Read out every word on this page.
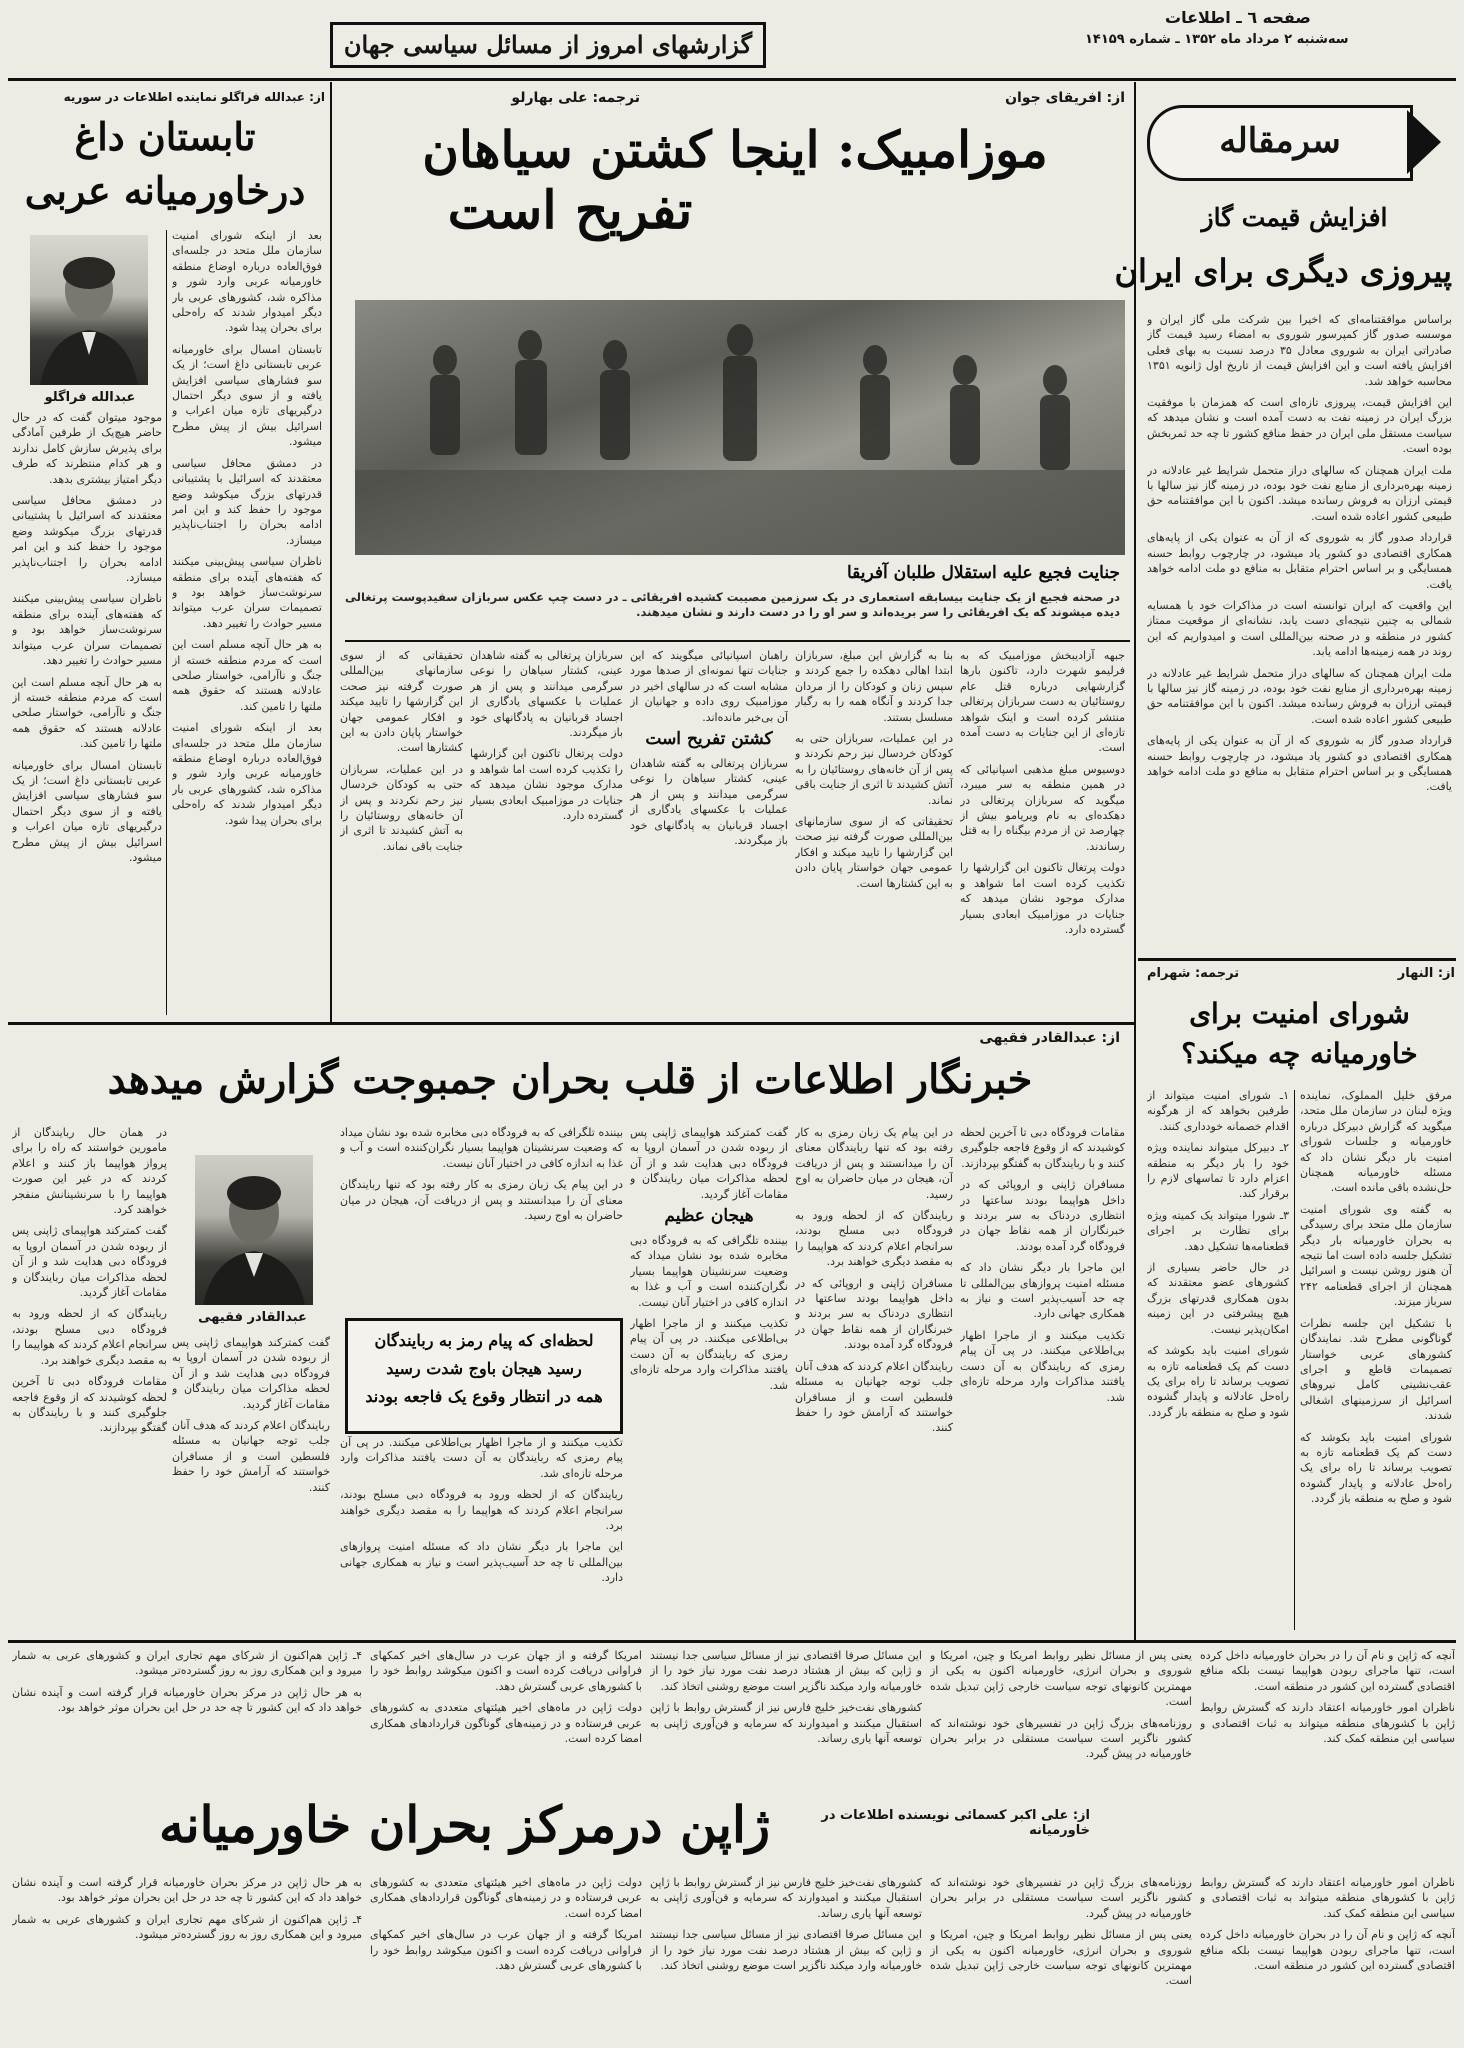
صفحه ٦ ـ اطلاعات
سه‌شنبه ۲ مرداد ماه ۱۳۵۲ ـ شماره ۱۴۱۵۹
گزارشهای امروز از مسائل سیاسی جهان
سرمقاله
افزایش قیمت گاز
پیروزی دیگری برای ایران

براساس موافقتنامه‌ای که اخیرا بین شرکت ملی گاز ایران و موسسه صدور گاز کمپرسور شوروی به امضاء رسید قیمت گاز صادراتی ایران به شوروی معادل ۳۵ درصد نسبت به بهای فعلی افزایش یافته است و این افزایش قیمت از تاریخ اول ژانویه ۱۳۵۱ محاسبه خواهد شد.

این افزایش قیمت، پیروزی تازه‌ای است که همزمان با موفقیت بزرگ ایران در زمینه نفت به دست آمده است و نشان میدهد که سیاست مستقل ملی ایران در حفظ منافع کشور تا چه حد ثمربخش بوده است.

ملت ایران همچنان که سالهای دراز متحمل شرایط غیر عادلانه در زمینه بهره‌برداری از منابع نفت خود بوده، در زمینه گاز نیز سالها با قیمتی ارزان به فروش رسانده میشد. اکنون با این موافقتنامه حق طبیعی کشور اعاده شده است.

قرارداد صدور گاز به شوروی که از آن به عنوان یکی از پایه‌های همکاری اقتصادی دو کشور یاد میشود، در چارچوب روابط حسنه همسایگی و بر اساس احترام متقابل به منافع دو ملت ادامه خواهد یافت.

این واقعیت که ایران توانسته است در مذاکرات خود با همسایه شمالی به چنین نتیجه‌ای دست یابد، نشانه‌ای از موقعیت ممتاز کشور در منطقه و در صحنه بین‌المللی است و امیدواریم که این روند در همه زمینه‌ها ادامه یابد.

ملت ایران همچنان که سالهای دراز متحمل شرایط غیر عادلانه در زمینه بهره‌برداری از منابع نفت خود بوده، در زمینه گاز نیز سالها با قیمتی ارزان به فروش رسانده میشد. اکنون با این موافقتنامه حق طبیعی کشور اعاده شده است.

قرارداد صدور گاز به شوروی که از آن به عنوان یکی از پایه‌های همکاری اقتصادی دو کشور یاد میشود، در چارچوب روابط حسنه همسایگی و بر اساس احترام متقابل به منافع دو ملت ادامه خواهد یافت.

از: النهار
ترجمه: شهرام
شورای امنیت برای
خاورمیانه چه میکند؟

مرفق خلیل المملوک، نماینده ویژه لبنان در سازمان ملل متحد، میگوید که گزارش دبیرکل درباره خاورمیانه و جلسات شورای امنیت بار دیگر نشان داد که مسئله خاورمیانه همچنان حل‌نشده باقی مانده است.

به گفته وی شورای امنیت سازمان ملل متحد برای رسیدگی به بحران خاورمیانه بار دیگر تشکیل جلسه داده است اما نتیجه آن هنوز روشن نیست و اسرائیل همچنان از اجرای قطعنامه ۲۴۲ سرباز میزند.

با تشکیل این جلسه نظرات گوناگونی مطرح شد. نمایندگان کشورهای عربی خواستار تصمیمات قاطع و اجرای عقب‌نشینی کامل نیروهای اسرائیل از سرزمینهای اشغالی شدند.

شورای امنیت باید بکوشد که دست کم یک قطعنامه تازه به تصویب برساند تا راه برای یک راه‌حل عادلانه و پایدار گشوده شود و صلح به منطقه باز گردد.

۱ـ شورای امنیت میتواند از طرفین بخواهد که از هرگونه اقدام خصمانه خودداری کنند.

۲ـ دبیرکل میتواند نماینده ویژه خود را بار دیگر به منطقه اعزام دارد تا تماسهای لازم را برقرار کند.

۳ـ شورا میتواند یک کمیته ویژه برای نظارت بر اجرای قطعنامه‌ها تشکیل دهد.

در حال حاضر بسیاری از کشورهای عضو معتقدند که بدون همکاری قدرتهای بزرگ هیچ پیشرفتی در این زمینه امکان‌پذیر نیست.

شورای امنیت باید بکوشد که دست کم یک قطعنامه تازه به تصویب برساند تا راه برای یک راه‌حل عادلانه و پایدار گشوده شود و صلح به منطقه باز گردد.

از: افریقای جوان
ترجمه: علی بهارلو
موزامبیک: اینجا کشتن سیاهان
تفریح است
جنایت فجیع علیه استقلال طلبان آفریقا
در صحنه فجیع از یک جنایت بیسابقه استعماری در یک سرزمین مصیبت کشیده افریقائی ـ در دست چپ عکس سربازان سفیدپوست پرتغالی دیده میشوند که یک افریقائی را سر بریده‌اند و سر او را در دست دارند و نشان میدهند.

جبهه آزادیبخش موزامبیک که به فرلیمو شهرت دارد، تاکنون بارها گزارشهایی درباره قتل عام روستائیان به دست سربازان پرتغالی منتشر کرده است و اینک شواهد تازه‌ای از این جنایات به دست آمده است.

دوسیوس مبلغ مذهبی اسپانیائی که در همین منطقه به سر میبرد، میگوید که سربازان پرتغالی در دهکده‌ای به نام ویریامو بیش از چهارصد تن از مردم بیگناه را به قتل رساندند.

دولت پرتغال تاکنون این گزارشها را تکذیب کرده است اما شواهد و مدارک موجود نشان میدهد که جنایات در موزامبیک ابعادی بسیار گسترده دارد.

بنا به گزارش این مبلغ، سربازان ابتدا اهالی دهکده را جمع کردند و سپس زنان و کودکان را از مردان جدا کردند و آنگاه همه را به رگبار مسلسل بستند.

در این عملیات، سربازان حتی به کودکان خردسال نیز رحم نکردند و پس از آن خانه‌های روستائیان را به آتش کشیدند تا اثری از جنایت باقی نماند.

تحقیقاتی که از سوی سازمانهای بین‌المللی صورت گرفته نیز صحت این گزارشها را تایید میکند و افکار عمومی جهان خواستار پایان دادن به این کشتارها است.

راهبان اسپانیائی میگویند که این جنایات تنها نمونه‌ای از صدها مورد مشابه است که در سالهای اخیر در موزامبیک روی داده و جهانیان از آن بی‌خبر مانده‌اند.

کشتن تفریح است

سربازان پرتغالی به گفته شاهدان عینی، کشتار سیاهان را نوعی سرگرمی میدانند و پس از هر عملیات با عکسهای یادگاری از اجساد قربانیان به پادگانهای خود باز میگردند.

سربازان پرتغالی به گفته شاهدان عینی، کشتار سیاهان را نوعی سرگرمی میدانند و پس از هر عملیات با عکسهای یادگاری از اجساد قربانیان به پادگانهای خود باز میگردند.

دولت پرتغال تاکنون این گزارشها را تکذیب کرده است اما شواهد و مدارک موجود نشان میدهد که جنایات در موزامبیک ابعادی بسیار گسترده دارد.

تحقیقاتی که از سوی سازمانهای بین‌المللی صورت گرفته نیز صحت این گزارشها را تایید میکند و افکار عمومی جهان خواستار پایان دادن به این کشتارها است.

در این عملیات، سربازان حتی به کودکان خردسال نیز رحم نکردند و پس از آن خانه‌های روستائیان را به آتش کشیدند تا اثری از جنایت باقی نماند.

از: عبدالله فراگلو نماینده اطلاعات در سوریه
تابستان داغ
درخاورمیانه عربی

بعد از اینکه شورای امنیت سازمان ملل متحد در جلسه‌ای فوق‌العاده درباره اوضاع منطقه خاورمیانه عربی وارد شور و مذاکره شد، کشورهای عربی بار دیگر امیدوار شدند که راه‌حلی برای بحران پیدا شود.

تابستان امسال برای خاورمیانه عربی تابستانی داغ است؛ از یک سو فشارهای سیاسی افزایش یافته و از سوی دیگر احتمال درگیریهای تازه میان اعراب و اسرائیل بیش از پیش مطرح میشود.

در دمشق محافل سیاسی معتقدند که اسرائیل با پشتیبانی قدرتهای بزرگ میکوشد وضع موجود را حفظ کند و این امر ادامه بحران را اجتناب‌ناپذیر میسازد.

ناظران سیاسی پیش‌بینی میکنند که هفته‌های آینده برای منطقه سرنوشت‌ساز خواهد بود و تصمیمات سران عرب میتواند مسیر حوادث را تغییر دهد.

به هر حال آنچه مسلم است این است که مردم منطقه خسته از جنگ و ناآرامی، خواستار صلحی عادلانه هستند که حقوق همه ملتها را تامین کند.

بعد از اینکه شورای امنیت سازمان ملل متحد در جلسه‌ای فوق‌العاده درباره اوضاع منطقه خاورمیانه عربی وارد شور و مذاکره شد، کشورهای عربی بار دیگر امیدوار شدند که راه‌حلی برای بحران پیدا شود.

عبدالله فراگلو

موجود میتوان گفت که در حال حاضر هیچ‌یک از طرفین آمادگی برای پذیرش سازش کامل ندارند و هر کدام منتظرند که طرف دیگر امتیاز بیشتری بدهد.

در دمشق محافل سیاسی معتقدند که اسرائیل با پشتیبانی قدرتهای بزرگ میکوشد وضع موجود را حفظ کند و این امر ادامه بحران را اجتناب‌ناپذیر میسازد.

ناظران سیاسی پیش‌بینی میکنند که هفته‌های آینده برای منطقه سرنوشت‌ساز خواهد بود و تصمیمات سران عرب میتواند مسیر حوادث را تغییر دهد.

به هر حال آنچه مسلم است این است که مردم منطقه خسته از جنگ و ناآرامی، خواستار صلحی عادلانه هستند که حقوق همه ملتها را تامین کند.

تابستان امسال برای خاورمیانه عربی تابستانی داغ است؛ از یک سو فشارهای سیاسی افزایش یافته و از سوی دیگر احتمال درگیریهای تازه میان اعراب و اسرائیل بیش از پیش مطرح میشود.

از: عبدالقادر فقیهی
خبرنگار اطلاعات از قلب بحران جمبوجت گزارش میدهد

مقامات فرودگاه دبی تا آخرین لحظه کوشیدند که از وقوع فاجعه جلوگیری کنند و با ربایندگان به گفتگو بپردازند.

مسافران ژاپنی و اروپائی که در داخل هواپیما بودند ساعتها در انتظاری دردناک به سر بردند و خبرنگاران از همه نقاط جهان در فرودگاه گرد آمده بودند.

این ماجرا بار دیگر نشان داد که مسئله امنیت پروازهای بین‌المللی تا چه حد آسیب‌پذیر است و نیاز به همکاری جهانی دارد.

تکذیب میکنند و از ماجرا اظهار بی‌اطلاعی میکنند. در پی آن پیام رمزی که ربایندگان به آن دست یافتند مذاکرات وارد مرحله تازه‌ای شد.

در این پیام یک زبان رمزی به کار رفته بود که تنها ربایندگان معنای آن را میدانستند و پس از دریافت آن، هیجان در میان حاضران به اوج رسید.

ربایندگان که از لحظه ورود به فرودگاه دبی مسلح بودند، سرانجام اعلام کردند که هواپیما را به مقصد دیگری خواهند برد.

مسافران ژاپنی و اروپائی که در داخل هواپیما بودند ساعتها در انتظاری دردناک به سر بردند و خبرنگاران از همه نقاط جهان در فرودگاه گرد آمده بودند.

ربایندگان اعلام کردند که هدف آنان جلب توجه جهانیان به مسئله فلسطین است و از مسافران خواستند که آرامش خود را حفظ کنند.

گفت کمترکند هواپیمای ژاپنی پس از ربوده شدن در آسمان اروپا به فرودگاه دبی هدایت شد و از آن لحظه مذاکرات میان ربایندگان و مقامات آغاز گردید.

هیجان عظیم

بیننده تلگرافی که به فرودگاه دبی مخابره شده بود نشان میداد که وضعیت سرنشینان هواپیما بسیار نگران‌کننده است و آب و غذا به اندازه کافی در اختیار آنان نیست.

تکذیب میکنند و از ماجرا اظهار بی‌اطلاعی میکنند. در پی آن پیام رمزی که ربایندگان به آن دست یافتند مذاکرات وارد مرحله تازه‌ای شد.

بیننده تلگرافی که به فرودگاه دبی مخابره شده بود نشان میداد که وضعیت سرنشینان هواپیما بسیار نگران‌کننده است و آب و غذا به اندازه کافی در اختیار آنان نیست.

در این پیام یک زبان رمزی به کار رفته بود که تنها ربایندگان معنای آن را میدانستند و پس از دریافت آن، هیجان در میان حاضران به اوج رسید.

لحظه‌ای که پیام رمز به ربایندگان
رسید هیجان باوج شدت رسید
همه در انتظار وقوع یک فاجعه بودند

تکذیب میکنند و از ماجرا اظهار بی‌اطلاعی میکنند. در پی آن پیام رمزی که ربایندگان به آن دست یافتند مذاکرات وارد مرحله تازه‌ای شد.

ربایندگان که از لحظه ورود به فرودگاه دبی مسلح بودند، سرانجام اعلام کردند که هواپیما را به مقصد دیگری خواهند برد.

این ماجرا بار دیگر نشان داد که مسئله امنیت پروازهای بین‌المللی تا چه حد آسیب‌پذیر است و نیاز به همکاری جهانی دارد.

عبدالقادر فقیهی

گفت کمترکند هواپیمای ژاپنی پس از ربوده شدن در آسمان اروپا به فرودگاه دبی هدایت شد و از آن لحظه مذاکرات میان ربایندگان و مقامات آغاز گردید.

ربایندگان اعلام کردند که هدف آنان جلب توجه جهانیان به مسئله فلسطین است و از مسافران خواستند که آرامش خود را حفظ کنند.

در همان حال ربایندگان از مامورین خواستند که راه را برای پرواز هواپیما باز کنند و اعلام کردند که در غیر این صورت هواپیما را با سرنشینانش منفجر خواهند کرد.

گفت کمترکند هواپیمای ژاپنی پس از ربوده شدن در آسمان اروپا به فرودگاه دبی هدایت شد و از آن لحظه مذاکرات میان ربایندگان و مقامات آغاز گردید.

ربایندگان که از لحظه ورود به فرودگاه دبی مسلح بودند، سرانجام اعلام کردند که هواپیما را به مقصد دیگری خواهند برد.

مقامات فرودگاه دبی تا آخرین لحظه کوشیدند که از وقوع فاجعه جلوگیری کنند و با ربایندگان به گفتگو بپردازند.

آنچه که ژاپن و نام آن را در بحران خاورمیانه داخل کرده است، تنها ماجرای ربودن هواپیما نیست بلکه منافع اقتصادی گسترده این کشور در منطقه است.

ناظران امور خاورمیانه اعتقاد دارند که گسترش روابط ژاپن با کشورهای منطقه میتواند به ثبات اقتصادی و سیاسی این منطقه کمک کند.

یعنی پس از مسائل نظیر روابط امریکا و چین، امریکا و شوروی و بحران انرژی، خاورمیانه اکنون به یکی از مهمترین کانونهای توجه سیاست خارجی ژاپن تبدیل شده است.

روزنامه‌های بزرگ ژاپن در تفسیرهای خود نوشته‌اند که کشور ناگزیر است سیاست مستقلی در برابر بحران خاورمیانه در پیش گیرد.

این مسائل صرفا اقتصادی نیز از مسائل سیاسی جدا نیستند و ژاپن که بیش از هشتاد درصد نفت مورد نیاز خود را از خاورمیانه وارد میکند ناگزیر است موضع روشنی اتخاذ کند.

کشورهای نفت‌خیز خلیج فارس نیز از گسترش روابط با ژاپن استقبال میکنند و امیدوارند که سرمایه و فن‌آوری ژاپنی به توسعه آنها یاری رساند.

امریکا گرفته و از جهان عرب در سال‌های اخیر کمکهای فراوانی دریافت کرده است و اکنون میکوشد روابط خود را با کشورهای عربی گسترش دهد.

دولت ژاپن در ماه‌های اخیر هیئتهای متعددی به کشورهای عربی فرستاده و در زمینه‌های گوناگون قراردادهای همکاری امضا کرده است.

۴ـ ژاپن هم‌اکنون از شرکای مهم تجاری ایران و کشورهای عربی به شمار میرود و این همکاری روز به روز گسترده‌تر میشود.

به هر حال ژاپن در مرکز بحران خاورمیانه قرار گرفته است و آینده نشان خواهد داد که این کشور تا چه حد در حل این بحران موثر خواهد بود.

از: علی اکبر کسمائی نویسنده اطلاعات در خاورمیانه
ژاپن درمرکز بحران خاورمیانه

ناظران امور خاورمیانه اعتقاد دارند که گسترش روابط ژاپن با کشورهای منطقه میتواند به ثبات اقتصادی و سیاسی این منطقه کمک کند.

آنچه که ژاپن و نام آن را در بحران خاورمیانه داخل کرده است، تنها ماجرای ربودن هواپیما نیست بلکه منافع اقتصادی گسترده این کشور در منطقه است.

روزنامه‌های بزرگ ژاپن در تفسیرهای خود نوشته‌اند که کشور ناگزیر است سیاست مستقلی در برابر بحران خاورمیانه در پیش گیرد.

یعنی پس از مسائل نظیر روابط امریکا و چین، امریکا و شوروی و بحران انرژی، خاورمیانه اکنون به یکی از مهمترین کانونهای توجه سیاست خارجی ژاپن تبدیل شده است.

کشورهای نفت‌خیز خلیج فارس نیز از گسترش روابط با ژاپن استقبال میکنند و امیدوارند که سرمایه و فن‌آوری ژاپنی به توسعه آنها یاری رساند.

این مسائل صرفا اقتصادی نیز از مسائل سیاسی جدا نیستند و ژاپن که بیش از هشتاد درصد نفت مورد نیاز خود را از خاورمیانه وارد میکند ناگزیر است موضع روشنی اتخاذ کند.

دولت ژاپن در ماه‌های اخیر هیئتهای متعددی به کشورهای عربی فرستاده و در زمینه‌های گوناگون قراردادهای همکاری امضا کرده است.

امریکا گرفته و از جهان عرب در سال‌های اخیر کمکهای فراوانی دریافت کرده است و اکنون میکوشد روابط خود را با کشورهای عربی گسترش دهد.

به هر حال ژاپن در مرکز بحران خاورمیانه قرار گرفته است و آینده نشان خواهد داد که این کشور تا چه حد در حل این بحران موثر خواهد بود.

۴ـ ژاپن هم‌اکنون از شرکای مهم تجاری ایران و کشورهای عربی به شمار میرود و این همکاری روز به روز گسترده‌تر میشود.
